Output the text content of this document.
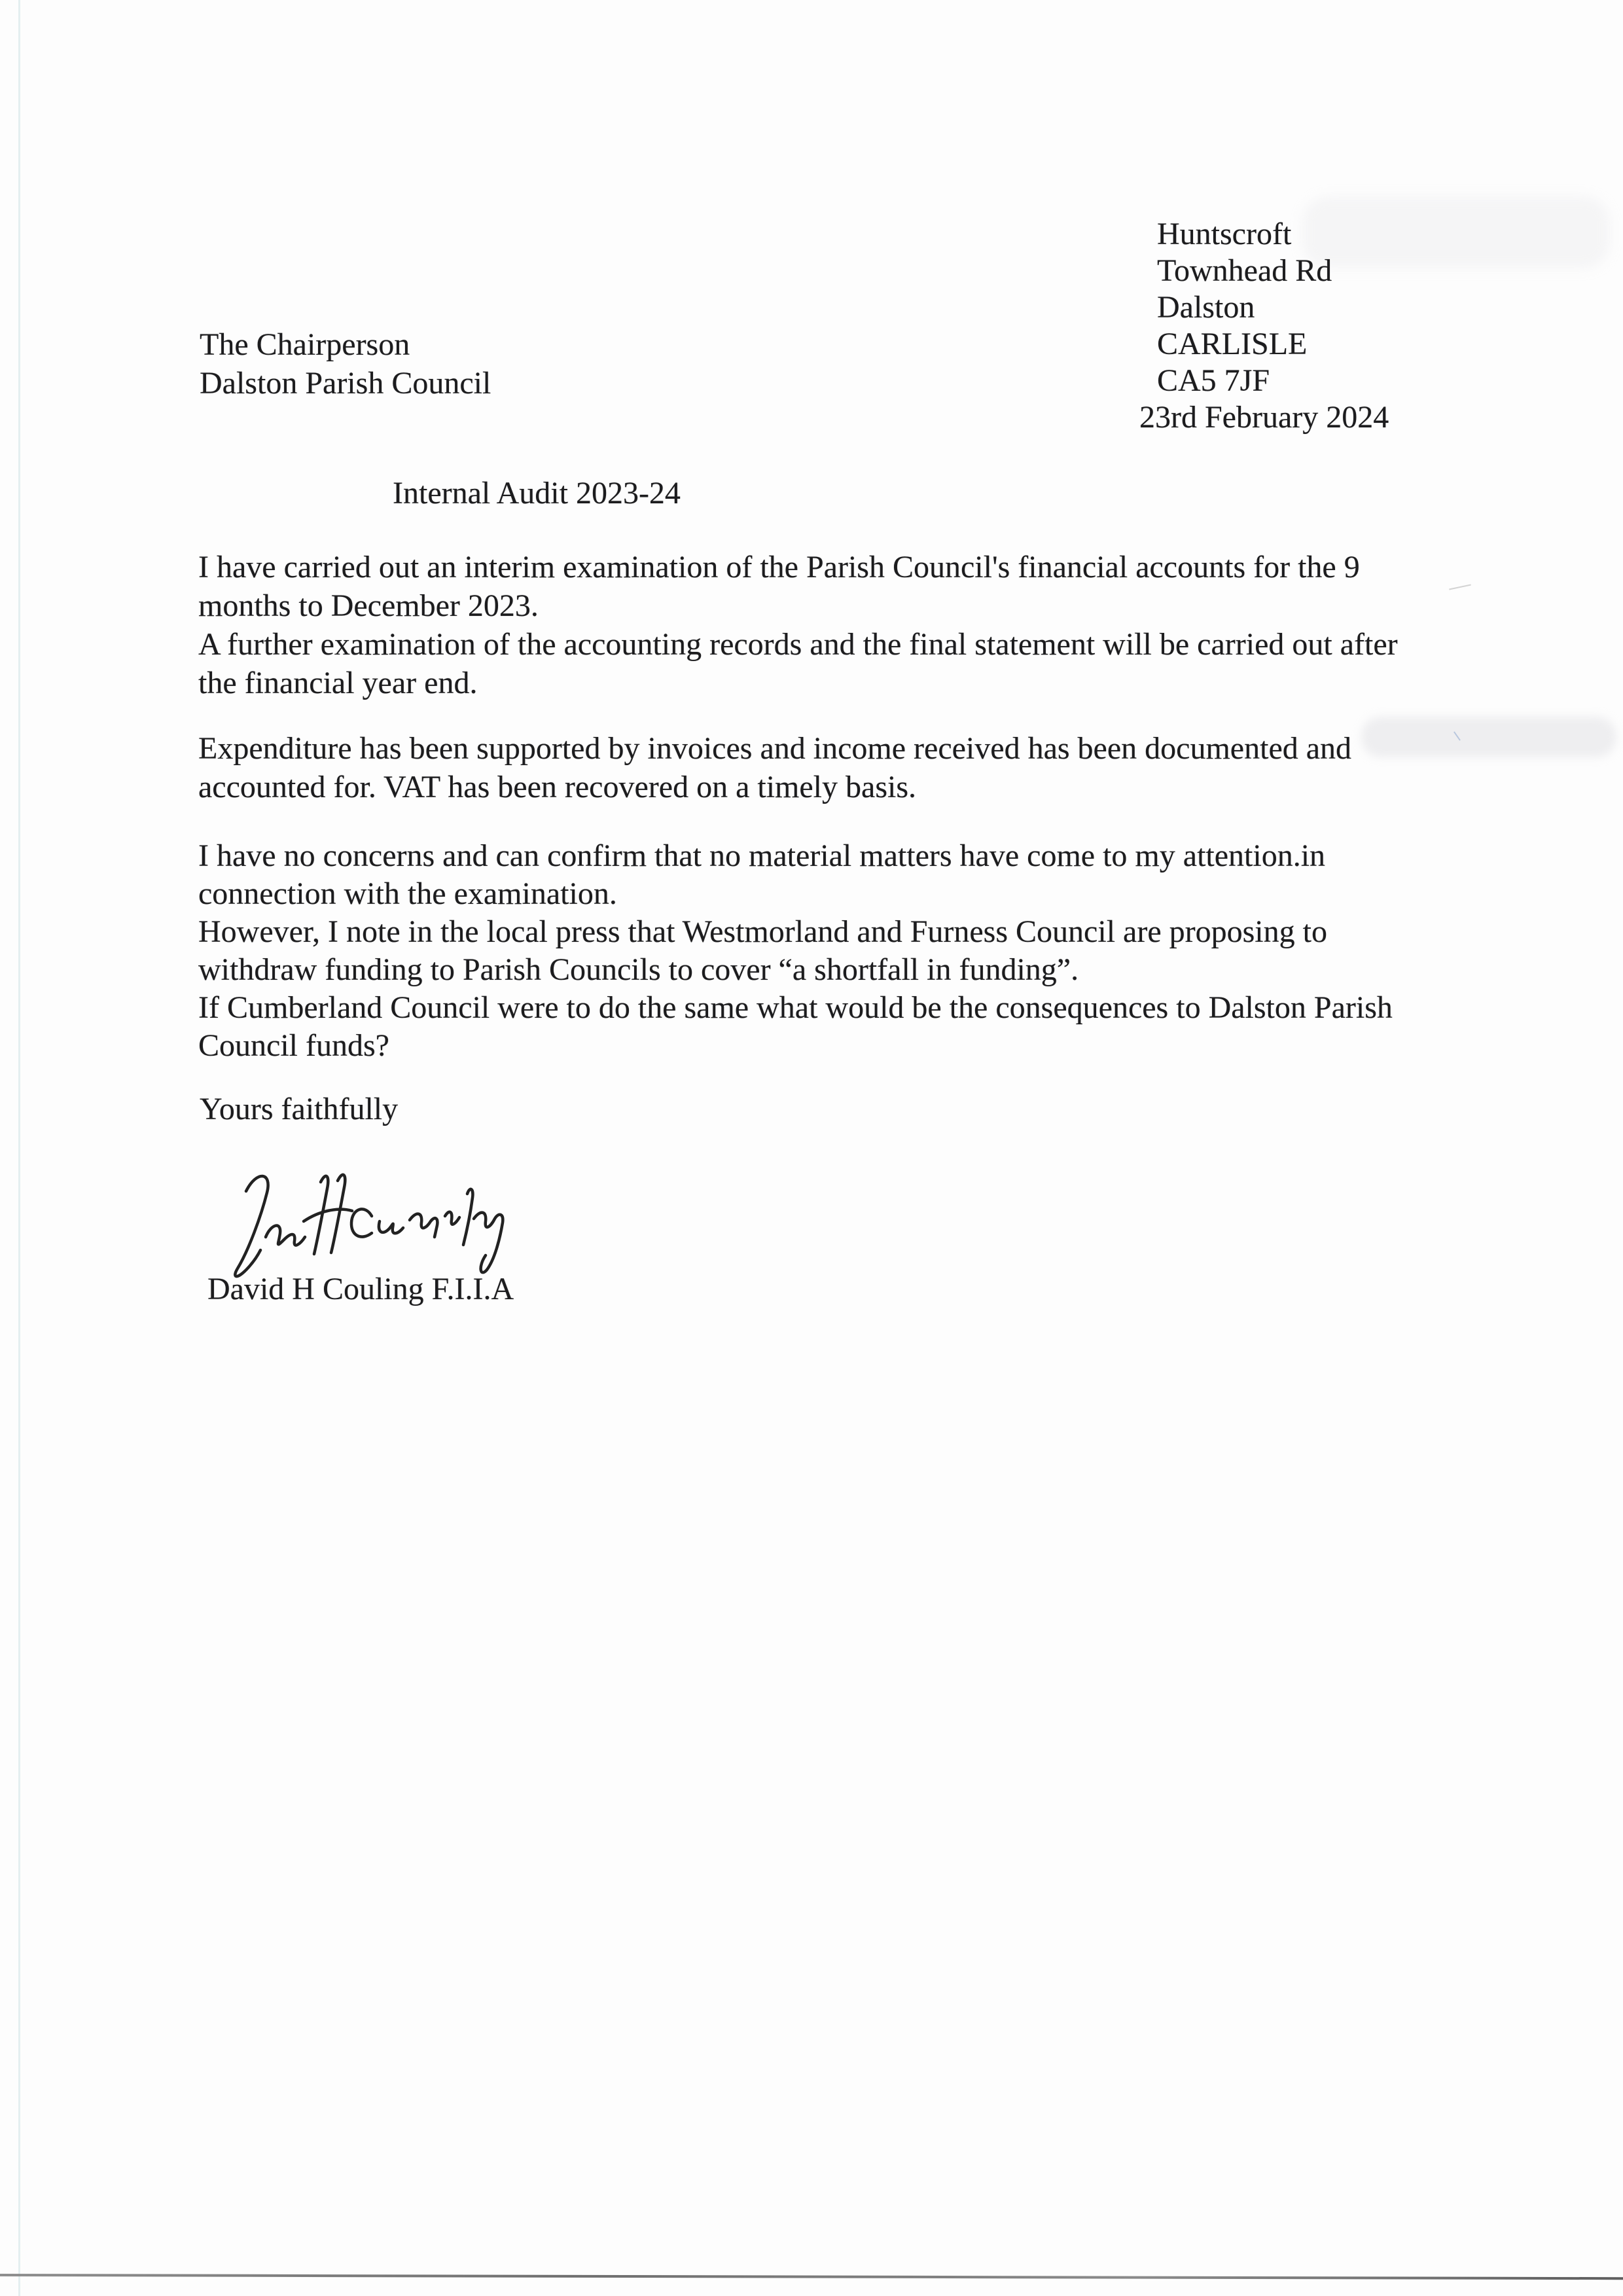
Huntscroft
Townhead Rd
Dalston
CARLISLE
CA5 7JF
23rd February 2024
The Chairperson
Dalston Parish Council
Internal Audit 2023-24
I have carried out an interim examination of the Parish Council's financial accounts for the 9
months to December 2023.
A further examination of the accounting records and the final statement will be carried out after
the financial year end.
Expenditure has been supported by invoices and income received has been documented and
accounted for. VAT has been recovered on a timely basis.
I have no concerns and can confirm that no material matters have come to my attention.in
connection with the examination.
However, I note in the local press that Westmorland and Furness Council are proposing to
withdraw funding to Parish Councils to cover “a shortfall in funding”.
If Cumberland Council were to do the same what would be the consequences to Dalston Parish
Council funds?
Yours faithfully
David H Couling F.I.I.A
